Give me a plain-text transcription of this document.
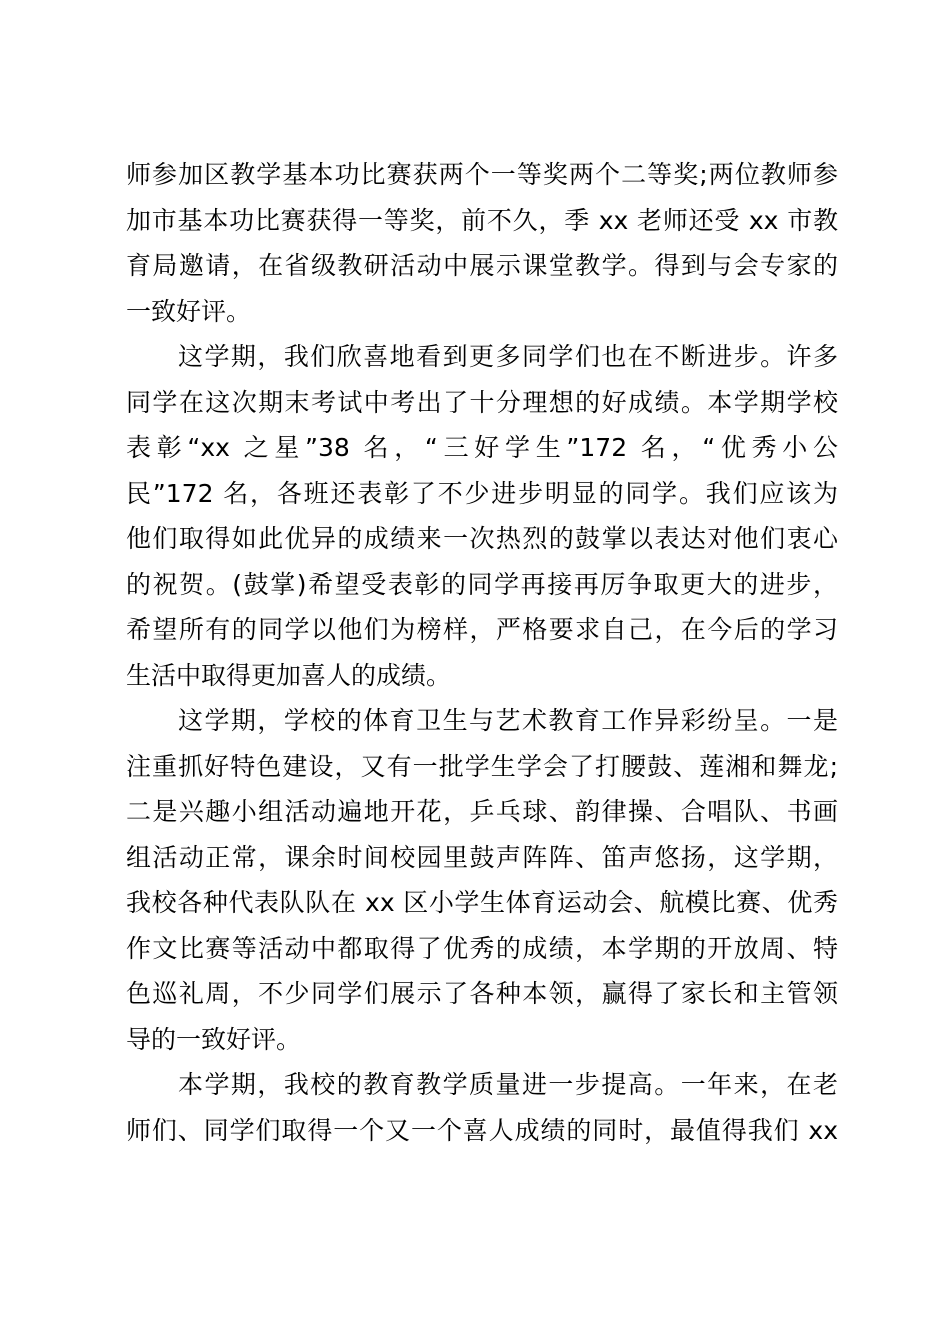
师参加区教学基本功比赛获两个一等奖两个二等奖;两位教师参
加市基本功比赛获得一等奖，前不久，季 xx 老师还受 xx 市教
育局邀请，在省级教研活动中展示课堂教学。得到与会专家的
一致好评。
这学期，我们欣喜地看到更多同学们也在不断进步。许多
同学在这次期末考试中考出了十分理想的好成绩。本学期学校
表彰“xx 之星”38 名，“三好学生”172 名，“优秀小公
民”172 名，各班还表彰了不少进步明显的同学。我们应该为
他们取得如此优异的成绩来一次热烈的鼓掌以表达对他们衷心
的祝贺。(鼓掌)希望受表彰的同学再接再厉争取更大的进步，
希望所有的同学以他们为榜样，严格要求自己，在今后的学习
生活中取得更加喜人的成绩。
这学期，学校的体育卫生与艺术教育工作异彩纷呈。一是
注重抓好特色建设，又有一批学生学会了打腰鼓、莲湘和舞龙;
二是兴趣小组活动遍地开花，乒乓球、韵律操、合唱队、书画
组活动正常，课余时间校园里鼓声阵阵、笛声悠扬，这学期，
我校各种代表队队在 xx 区小学生体育运动会、航模比赛、优秀
作文比赛等活动中都取得了优秀的成绩，本学期的开放周、特
色巡礼周，不少同学们展示了各种本领，赢得了家长和主管领
导的一致好评。
本学期，我校的教育教学质量进一步提高。一年来，在老
师们、同学们取得一个又一个喜人成绩的同时，最值得我们 xx
